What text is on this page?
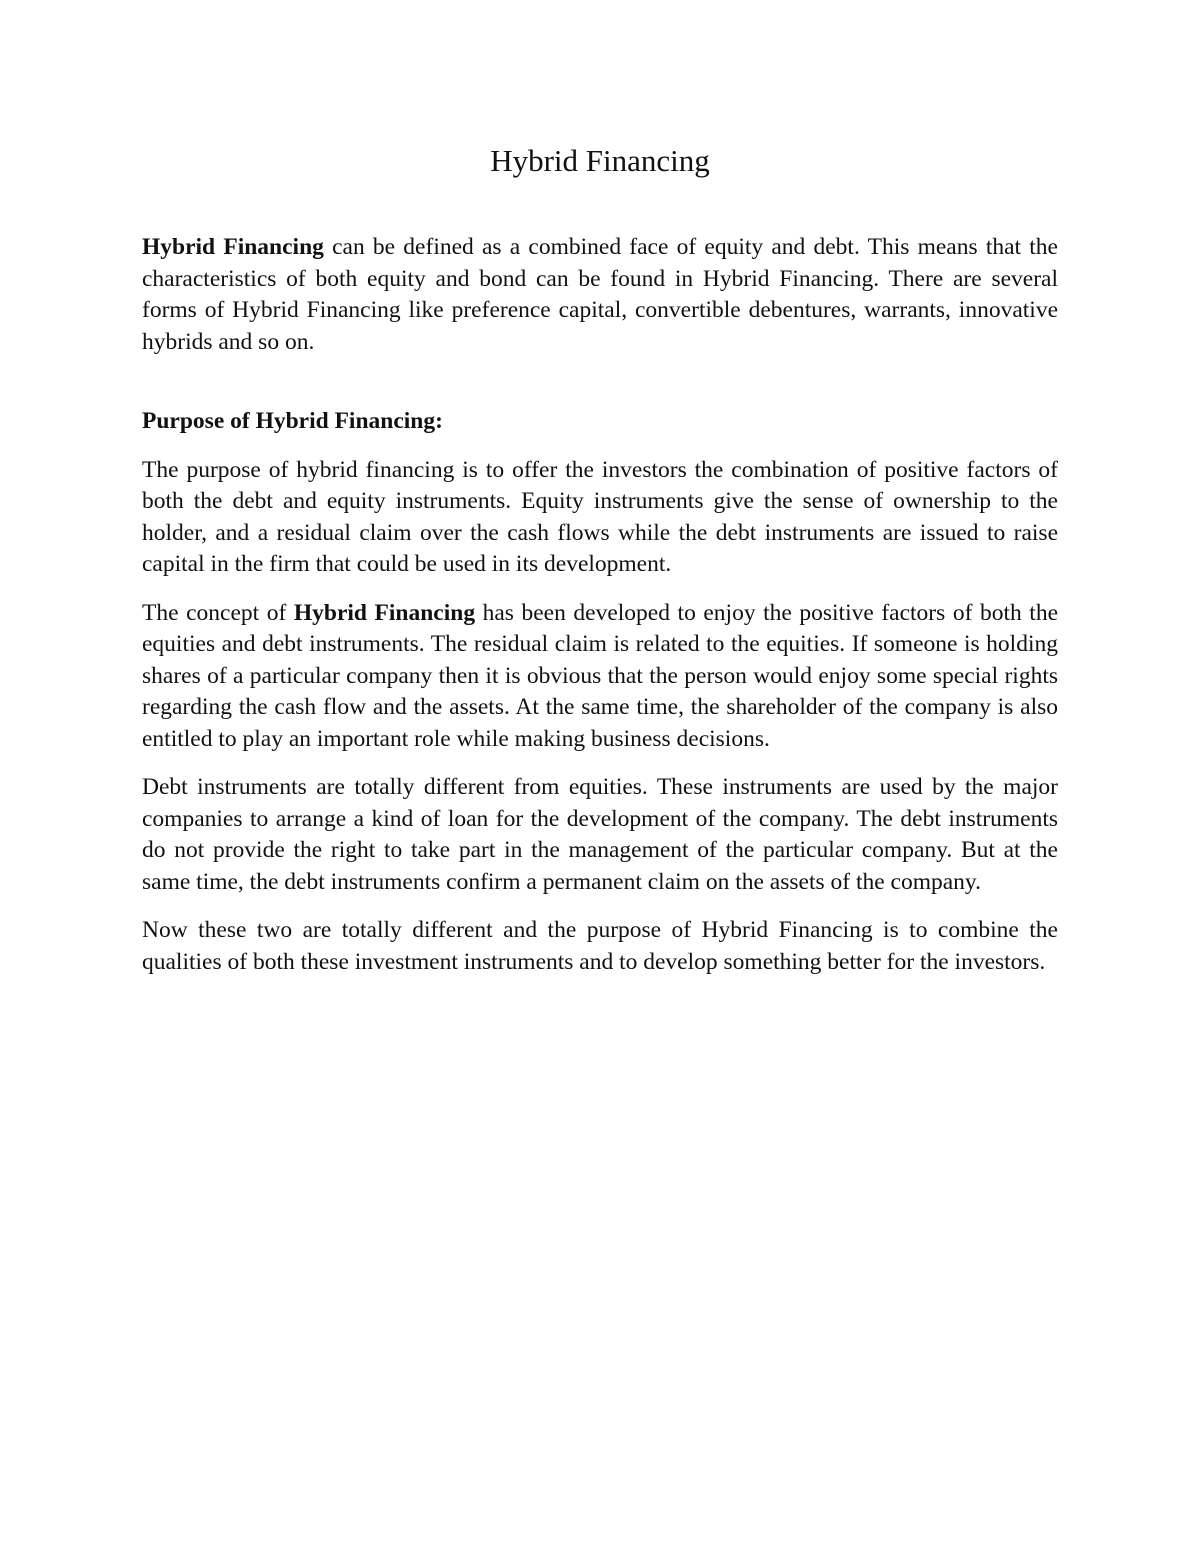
Hybrid Financing

Hybrid Financing can be defined as a combined face of equity and debt. This means that the characteristics of both equity and bond can be found in Hybrid Financing. There are several forms of Hybrid Financing like preference capital, convertible debentures, warrants, innovative hybrids and so on.

Purpose of Hybrid Financing:

The purpose of hybrid financing is to offer the investors the combination of positive factors of both the debt and equity instruments. Equity instruments give the sense of ownership to the holder, and a residual claim over the cash flows while the debt instruments are issued to raise capital in the firm that could be used in its development.

The concept of Hybrid Financing has been developed to enjoy the positive factors of both the equities and debt instruments. The residual claim is related to the equities. If someone is holding shares of a particular company then it is obvious that the person would enjoy some special rights regarding the cash flow and the assets. At the same time, the shareholder of the company is also entitled to play an important role while making business decisions.

Debt instruments are totally different from equities. These instruments are used by the major companies to arrange a kind of loan for the development of the company. The debt instruments do not provide the right to take part in the management of the particular company. But at the same time, the debt instruments confirm a permanent claim on the assets of the company.

Now these two are totally different and the purpose of Hybrid Financing is to combine the qualities of both these investment instruments and to develop something better for the investors.
